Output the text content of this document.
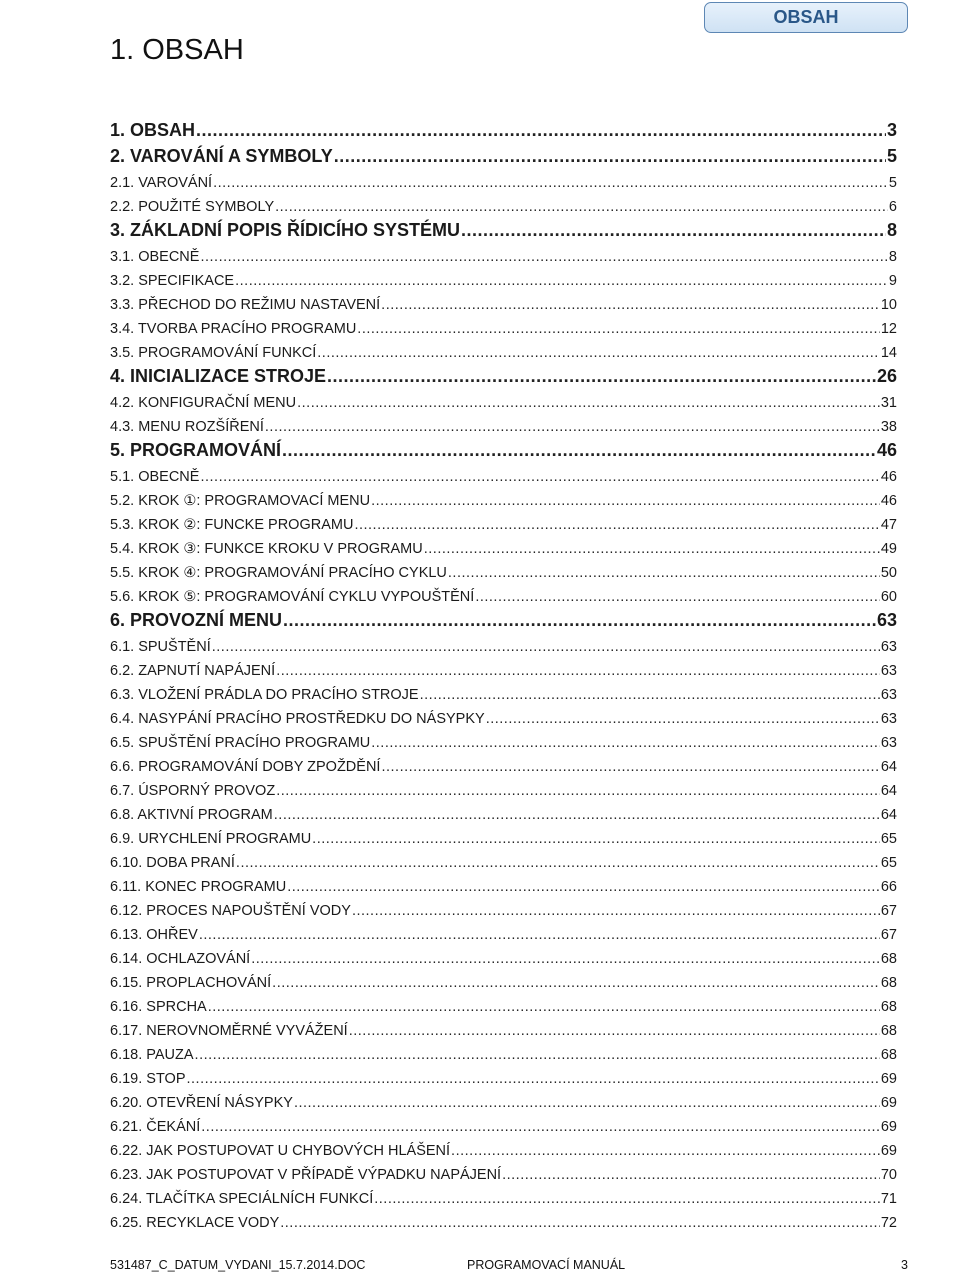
OBSAH
1. OBSAH
1. OBSAH .....	3
2. VAROVÁNÍ A SYMBOLY .....	5
2.1. VAROVÁNÍ .....	5
2.2. POUŽITÉ SYMBOLY .....	6
3. ZÁKLADNÍ POPIS ŘÍDICÍHO SYSTÉMU .....	8
3.1. OBECNĚ .....	8
3.2. SPECIFIKACE .....	9
3.3. PŘECHOD DO REŽIMU NASTAVENÍ .....	10
3.4. TVORBA PRACÍHO PROGRAMU .....	12
3.5. PROGRAMOVÁNÍ FUNKCÍ .....	14
4. INICIALIZACE STROJE .....	26
4.2. KONFIGURAČNÍ MENU .....	31
4.3. MENU ROZŠÍŘENÍ .....	38
5. PROGRAMOVÁNÍ .....	46
5.1. OBECNĚ .....	46
5.2. KROK ①: PROGRAMOVACÍ MENU .....	46
5.3. KROK ②: FUNCKE PROGRAMU .....	47
5.4. KROK ③: FUNKCE KROKU V PROGRAMU .....	49
5.5. KROK ④: PROGRAMOVÁNÍ PRACÍHO CYKLU .....	50
5.6. KROK ⑤: PROGRAMOVÁNÍ CYKLU VYPOUŠTĚNÍ .....	60
6. PROVOZNÍ MENU .....	63
6.1. SPUŠTĚNÍ .....	63
6.2. ZAPNUTÍ NAPÁJENÍ .....	63
6.3. VLOŽENÍ PRÁDLA DO PRACÍHO STROJE .....	63
6.4. NASYPÁNÍ PRACÍHO PROSTŘEDKU DO NÁSYPKY .....	63
6.5. SPUŠTĚNÍ PRACÍHO PROGRAMU .....	63
6.6. PROGRAMOVÁNÍ DOBY ZPOŽDĚNÍ .....	64
6.7. ÚSPORNÝ PROVOZ .....	64
6.8. AKTIVNÍ PROGRAM .....	64
6.9. URYCHLENÍ PROGRAMU .....	65
6.10. DOBA PRANÍ .....	65
6.11. KONEC PROGRAMU .....	66
6.12. PROCES NAPOUŠTĚNÍ VODY .....	67
6.13. OHŘEV .....	67
6.14. OCHLAZOVÁNÍ .....	68
6.15. PROPLACHOVÁNÍ .....	68
6.16. SPRCHA .....	68
6.17. NEROVNOMĚRNÉ VYVÁŽENÍ .....	68
6.18. PAUZA .....	68
6.19. STOP .....	69
6.20. OTEVŘENÍ NÁSYPKY .....	69
6.21. ČEKÁNÍ .....	69
6.22. JAK POSTUPOVAT U CHYBOVÝCH HLÁŠENÍ .....	69
6.23. JAK POSTUPOVAT V PŘÍPADĚ VÝPADKU NAPÁJENÍ .....	70
6.24. TLAČÍTKA SPECIÁLNÍCH FUNKCÍ .....	71
6.25. RECYKLACE VODY .....	72
531487_C_DATUM_VYDANI_15.7.2014.DOC	PROGRAMOVACÍ MANUÁL	3
